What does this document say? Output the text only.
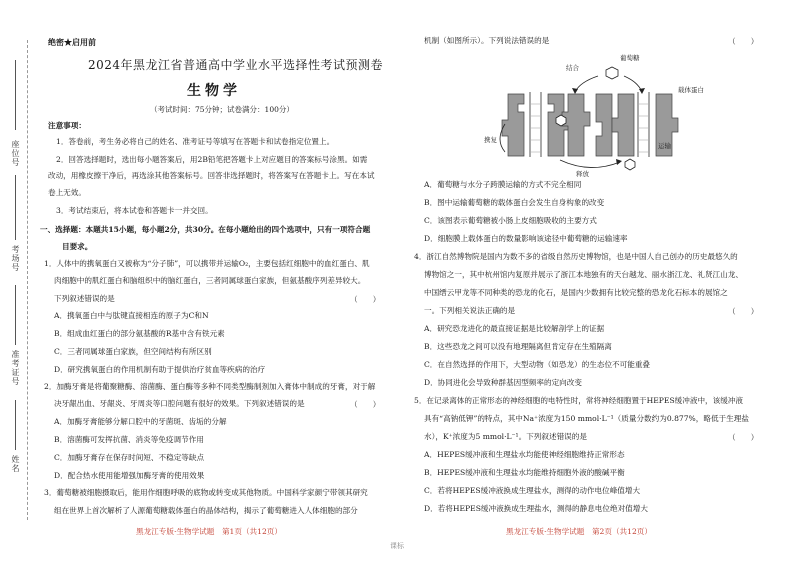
座位号
考场号
准考证号
姓名
绝密★启用前
2024年黑龙江省普通高中学业水平选择性考试预测卷
生物学
（考试时间：75分钟；试卷满分：100分）
注意事项：
1．答卷前，考生务必将自己的姓名、准考证号等填写在答题卡和试卷指定位置上。
2．回答选择题时，选出每小题答案后，用2B铅笔把答题卡上对应题目的答案标号涂黑。如需
改动，用橡皮擦干净后，再选涂其他答案标号。回答非选择题时，将答案写在答题卡上。写在本试
卷上无效。
3．考试结束后，将本试卷和答题卡一并交回。
一、选择题：本题共15小题，每小题2分，共30分。在每小题给出的四个选项中，只有一项符合题
目要求。
1．人体中的携氧蛋白又被称为“分子肺”，可以携带并运输O₂，主要包括红细胞中的血红蛋白、肌
肉细胞中的肌红蛋白和脑组织中的脑红蛋白，三者同属球蛋白家族，但氨基酸序列差异较大。
下列叙述错误的是	（　　）
A．携氧蛋白中与肽键直接相连的原子为C和N
B．组成血红蛋白的部分氨基酸的R基中含有铁元素
C．三者同属球蛋白家族，但空间结构有所区别
D．研究携氧蛋白的作用机制有助于提供治疗贫血等疾病的治疗
2．加酶牙膏是将葡聚糖酶、溶菌酶、蛋白酶等多种不同类型酶制剂加入膏体中制成的牙膏，对于解
决牙龈出血、牙龈炎、牙周炎等口腔问题有很好的效果。下列叙述错误的是	（　　）
A．加酶牙膏能够分解口腔中的牙菌斑、齿垢的分解
B．溶菌酶可发挥抗菌、消炎等免疫调节作用
C．加酶牙膏存在保存时间短、不稳定等缺点
D．配合热水使用能增强加酶牙膏的使用效果
3．葡萄糖被细胞摄取后，能用作细胞呼吸的底物或转变成其他物质。中国科学家颜宁带领其研究
组在世界上首次解析了人源葡萄糖载体蛋白的晶体结构，揭示了葡萄糖进入人体细胞的部分
黑龙江专版·生物学试题　第1页（共12页）
机制（如图所示）。下列说法错误的是	（　　）
葡萄糖
结合
载体蛋白
运输
携复
释放
A．葡萄糖与水分子跨膜运输的方式不完全相同
B．图中运输葡萄糖的载体蛋白会发生自身构象的改变
C．该图表示葡萄糖被小肠上皮细胞吸收的主要方式
D．细胞膜上载体蛋白的数量影响该途径中葡萄糖的运输速率
4．浙江自然博物院是国内为数不多的省级自然历史博物馆，也是中国人自己创办的历史最悠久的
博物馆之一，其中杭州馆内复原并展示了浙江本地独有的天台越龙、丽水浙江龙、礼贤江山龙、
中国缙云甲龙等不同种类的恐龙的化石，是国内少数拥有比较完整的恐龙化石标本的展馆之
一。下列相关说法正确的是	（　　）
A．研究恐龙进化的最直接证据是比较解剖学上的证据
B．这些恐龙之间可以没有地理隔离但肯定存在生殖隔离
C．在自然选择的作用下，大型动物（如恐龙）的生态位不可能重叠
D．协同进化会导致种群基因型频率的定向改变
5．在记录离体的正常形态的神经细胞的电特性时，常将神经细胞置于HEPES缓冲液中，该缓冲液
具有“高钠低钾”的特点，其中Na⁺浓度为150 mmol·L⁻¹（质量分数约为0.877%，略低于生理盐
水），K⁺浓度为5 mmol·L⁻¹。下列叙述错误的是	（　　）
A．HEPES缓冲液和生理盐水均能使神经细胞维持正常形态
B．HEPES缓冲液和生理盐水均能维持细胞外液的酸碱平衡
C．若将HEPES缓冲液换成生理盐水，测得的动作电位峰值增大
D．若将HEPES缓冲液换成生理盐水，测得的静息电位绝对值增大
黑龙江专版·生物学试题　第2页（共12页）
课标
